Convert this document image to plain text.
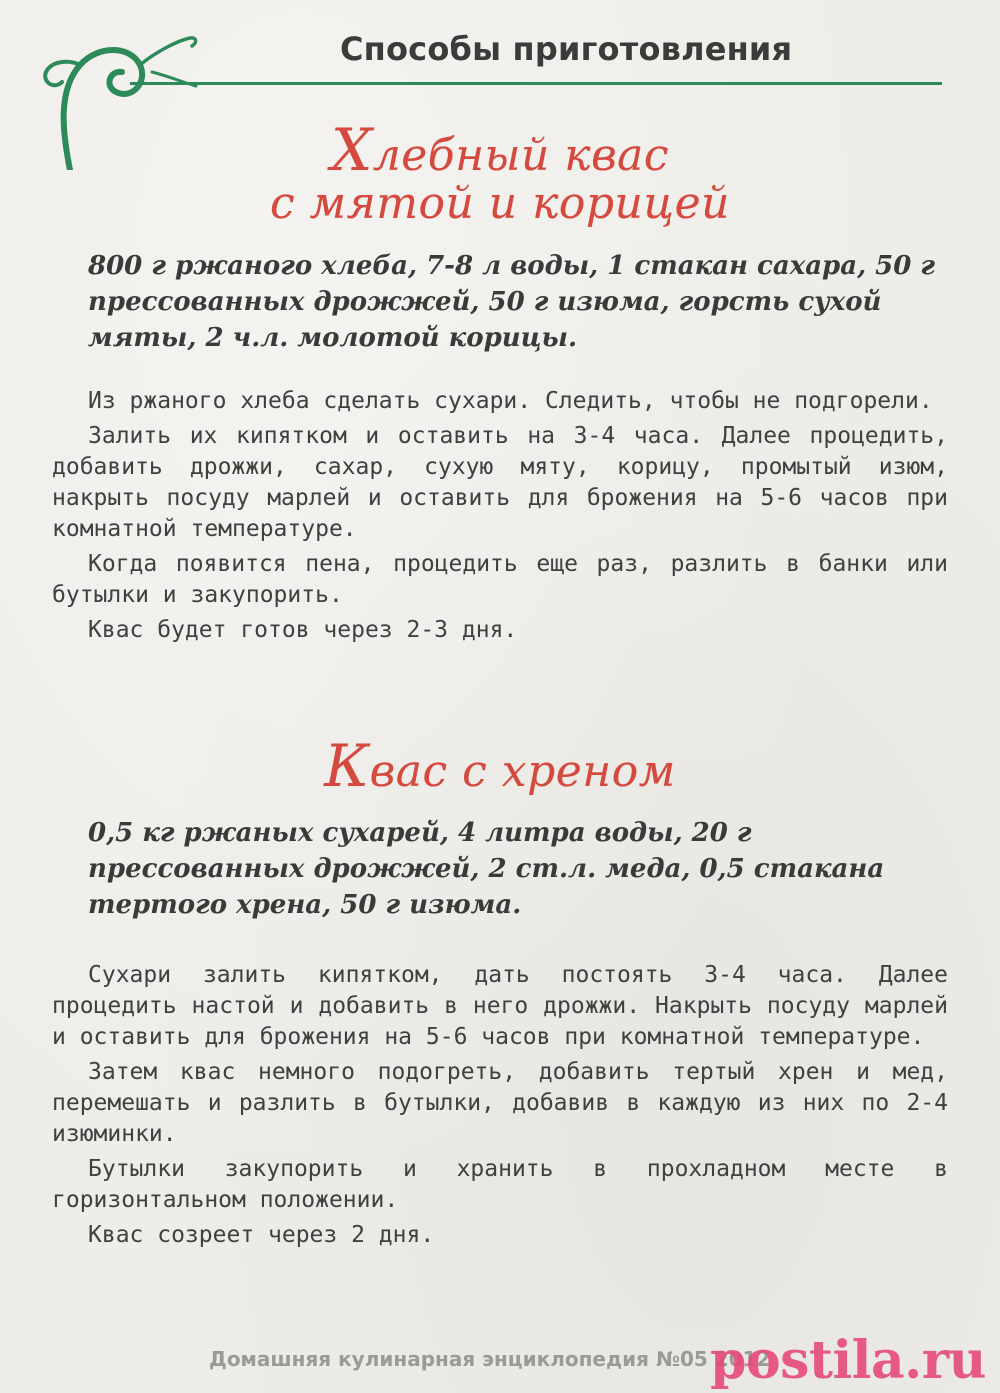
Способы приготовления
Хлебный квас
с мятой и корицей
800 г ржаного хлеба, 7-8 л воды, 1 стакан сахара, 50 г прессованных дрожжей, 50 г изюма, горсть сухой мяты, 2 ч.л. молотой корицы.

Из ржаного хлеба сделать сухари. Следить, чтобы не подгорели.

Залить их кипятком и оставить на 3-4 часа. Далее процедить, добавить дрожжи, сахар, сухую мяту, корицу, промытый изюм, накрыть посуду марлей и оставить для брожения на 5-6 часов при комнатной температуре.

Когда появится пена, процедить еще раз, разлить в банки или бутылки и закупорить.

Квас будет готов через 2-3 дня.

Квас с хреном
0,5 кг ржаных сухарей, 4 литра воды, 20 г прессованных дрожжей, 2 ст.л. меда, 0,5 стакана тертого хрена, 50 г изюма.

Сухари залить кипятком, дать постоять 3-4 часа. Далее процедить настой и добавить в него дрожжи. Накрыть посуду марлей и оставить для брожения на 5-6 часов при комнатной температуре.

Затем квас немного подогреть, добавить тертый хрен и мед, перемешать и разлить в бутылки, добавив в каждую из них по 2-4 изюминки.

Бутылки закупорить и хранить в прохладном месте в горизонтальном положении.

Квас созреет через 2 дня.

Домашняя кулинарная энциклопедия №05 2012
postila.ru
